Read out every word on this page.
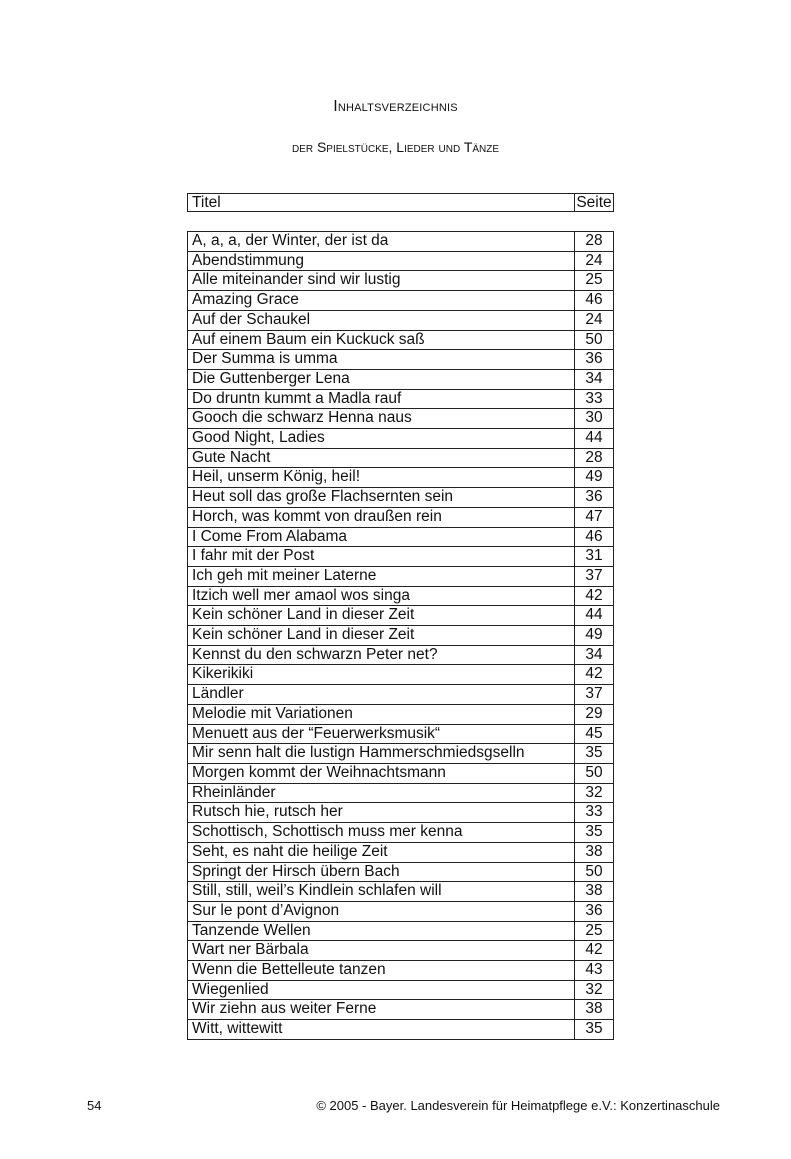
Inhaltsverzeichnis
der Spielstücke, Lieder und Tänze
Titel	Seite
A, a, a, der Winter, der ist da	28
Abendstimmung	24
Alle miteinander sind wir lustig	25
Amazing Grace	46
Auf der Schaukel	24
Auf einem Baum ein Kuckuck saß	50
Der Summa is umma	36
Die Guttenberger Lena	34
Do druntn kummt a Madla rauf	33
Gooch die schwarz Henna naus	30
Good Night, Ladies	44
Gute Nacht	28
Heil, unserm König, heil!	49
Heut soll das große Flachsernten sein	36
Horch, was kommt von draußen rein	47
I Come From Alabama	46
I fahr mit der Post	31
Ich geh mit meiner Laterne	37
Itzich well mer amaol wos singa	42
Kein schöner Land in dieser Zeit	44
Kein schöner Land in dieser Zeit	49
Kennst du den schwarzn Peter net?	34
Kikerikiki	42
Ländler	37
Melodie mit Variationen	29
Menuett aus der “Feuerwerksmusik“	45
Mir senn halt die lustign Hammerschmiedsgselln	35
Morgen kommt der Weihnachtsmann	50
Rheinländer	32
Rutsch hie, rutsch her	33
Schottisch, Schottisch muss mer kenna	35
Seht, es naht die heilige Zeit	38
Springt der Hirsch übern Bach	50
Still, still, weil’s Kindlein schlafen will	38
Sur le pont d’Avignon	36
Tanzende Wellen	25
Wart ner Bärbala	42
Wenn die Bettelleute tanzen	43
Wiegenlied	32
Wir ziehn aus weiter Ferne	38
Witt, wittewitt	35
54	© 2005 - Bayer. Landesverein für Heimatpflege e.V.: Konzertinaschule
